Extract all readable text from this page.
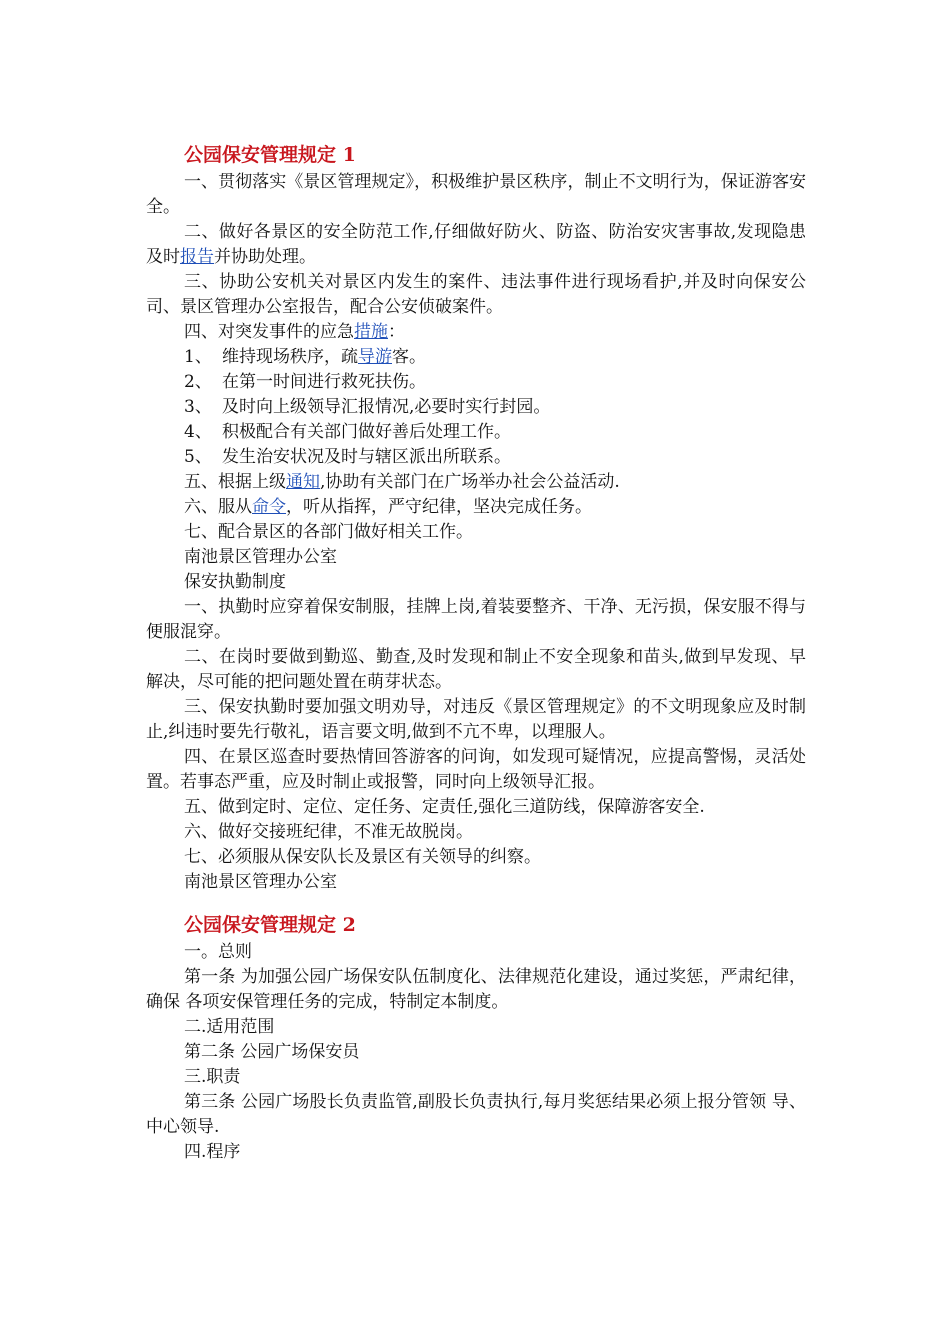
公园保安管理规定 1

一、贯彻落实《景区管理规定》，积极维护景区秩序，制止不文明行为，保证游客安全。

二、做好各景区的安全防范工作,仔细做好防火、防盗、防治安灾害事故,发现隐患及时报告并协助处理。

三、协助公安机关对景区内发生的案件、违法事件进行现场看护,并及时向保安公司、景区管理办公室报告，配合公安侦破案件。

四、对突发事件的应急措施：

1、 维持现场秩序，疏导游客。
2、 在第一时间进行救死扶伤。
3、 及时向上级领导汇报情况,必要时实行封园。
4、 积极配合有关部门做好善后处理工作。
5、 发生治安状况及时与辖区派出所联系。

五、根据上级通知,协助有关部门在广场举办社会公益活动.

六、服从命令，听从指挥，严守纪律，坚决完成任务。

七、配合景区的各部门做好相关工作。

南池景区管理办公室

保安执勤制度

一、执勤时应穿着保安制服，挂牌上岗,着装要整齐、干净、无污损，保安服不得与便服混穿。

二、在岗时要做到勤巡、勤查,及时发现和制止不安全现象和苗头,做到早发现、早解决，尽可能的把问题处置在萌芽状态。

三、保安执勤时要加强文明劝导，对违反《景区管理规定》的不文明现象应及时制止,纠违时要先行敬礼，语言要文明,做到不亢不卑，以理服人。

四、在景区巡查时要热情回答游客的问询，如发现可疑情况，应提高警惕，灵活处置。若事态严重，应及时制止或报警，同时向上级领导汇报。

五、做到定时、定位、定任务、定责任,强化三道防线，保障游客安全.

六、做好交接班纪律，不准无故脱岗。

七、必须服从保安队长及景区有关领导的纠察。

南池景区管理办公室

公园保安管理规定 2

一。总则

第一条 为加强公园广场保安队伍制度化、法律规范化建设，通过奖惩，严肃纪律，确保 各项安保管理任务的完成，特制定本制度。

二.适用范围

第二条 公园广场保安员

三.职责

第三条 公园广场股长负责监管,副股长负责执行,每月奖惩结果必须上报分管领 导、中心领导.

四.程序
